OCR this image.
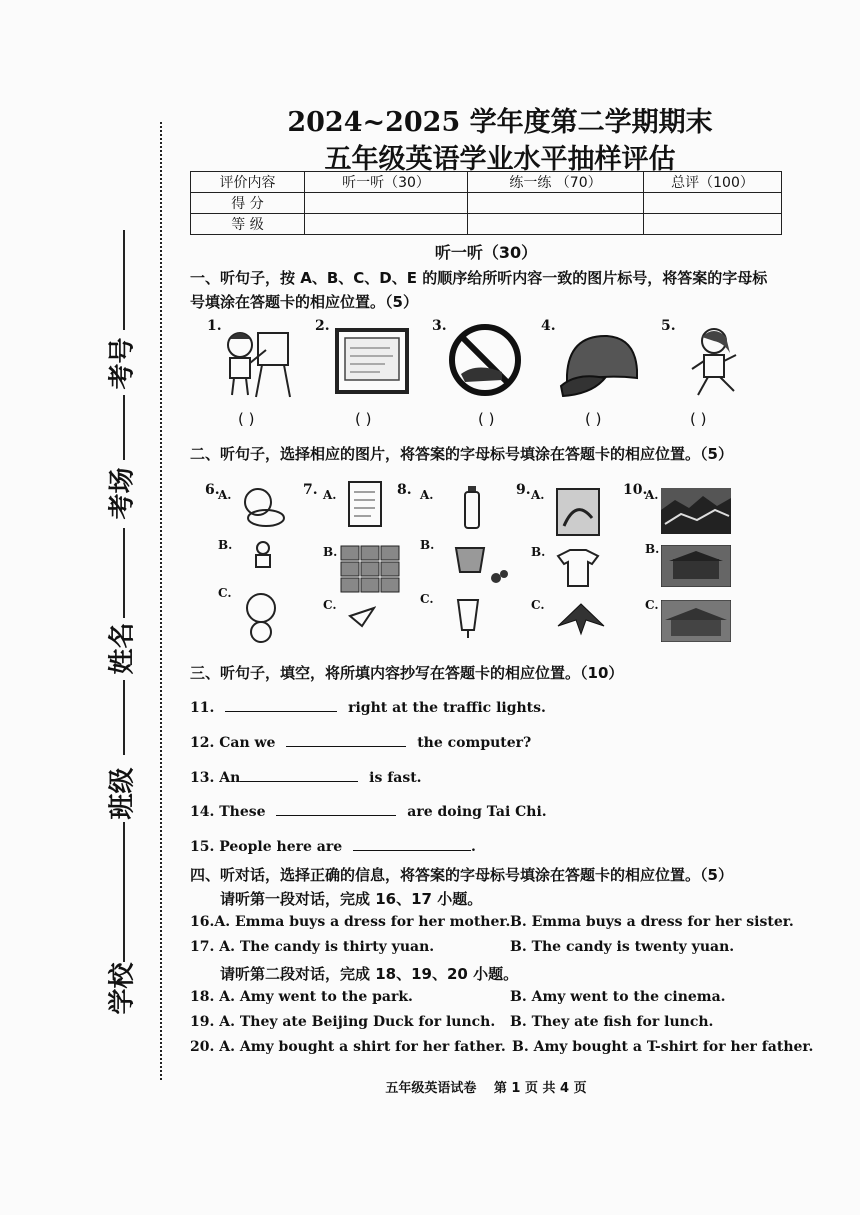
考号
考场
姓名
班级
学校
2024~2025 学年度第二学期期末
五年级英语学业水平抽样评估
评价内容	听一听（30）	练一练 （70）	总评（100）
得 分			
等 级			
听一听（30）
一、听句子，按 A、B、C、D、E 的顺序给所听内容一致的图片标号，将答案的字母标
号填涂在答题卡的相应位置。（5）
1.
( )
2.
( )
3.
( )
4.
( )
5.
( )
二、听句子，选择相应的图片，将答案的字母标号填涂在答题卡的相应位置。（5）
6.
A.
B.
C.
7. A.
B.
C.
8. A.
B.
C.
9. A.
B.
C.
10.
A.
B.
C.
三、听句子，填空，将所填内容抄写在答题卡的相应位置。（10）
11.	right at the traffic lights.
12. Can we	the computer?
13. An	is fast.
14. These	are doing Tai Chi.
15. People here are	.
四、听对话，选择正确的信息，将答案的字母标号填涂在答题卡的相应位置。（5）
请听第一段对话，完成 16、17 小题。
16.A. Emma buys a dress for her mother. B. Emma buys a dress for her sister.
17. A. The candy is thirty yuan.	B. The candy is twenty yuan.
请听第二段对话，完成 18、19、20 小题。
18. A. Amy went to the park.	B. Amy went to the cinema.
19. A. They ate Beijing Duck for lunch. B. They ate fish for lunch.
20. A. Amy bought a shirt for her father. B. Amy bought a T-shirt for her father.
五年级英语试卷　 第 1 页 共 4 页
